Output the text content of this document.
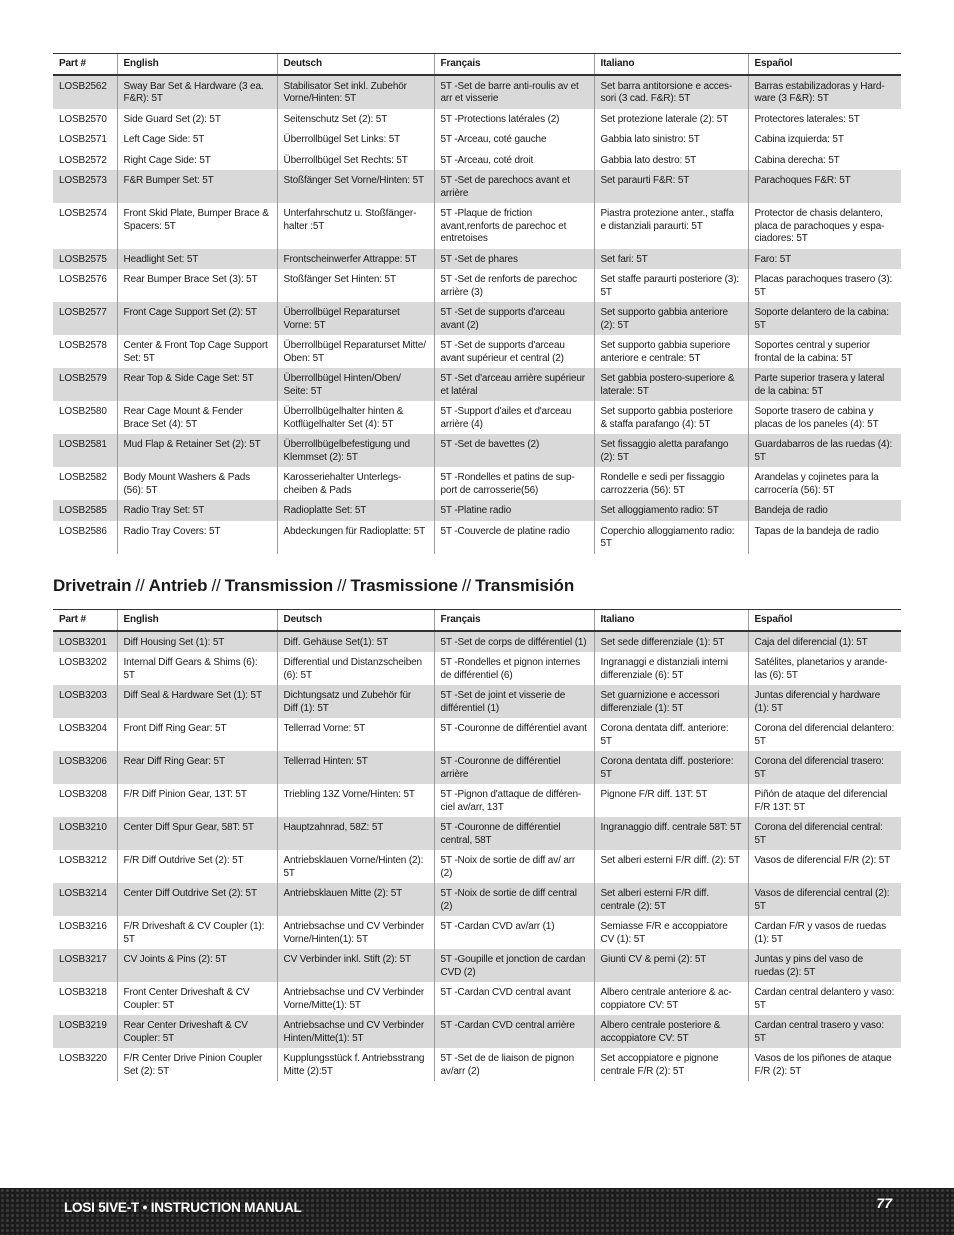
Part #	English	Deutsch	Français	Italiano	Español
LOSB2562	Sway Bar Set & Hardware (3 ea. F&R): 5T	Stabilisator Set inkl. Zubehör Vorne/Hinten: 5T	5T -Set de barre anti-roulis av et arr et visserie	Set barra antitorsione e acces- sori (3 cad. F&R): 5T	Barras estabilizadoras y Hard- ware (3 F&R): 5T
LOSB2570	Side Guard Set (2): 5T	Seitenschutz Set (2): 5T	5T -Protections latérales (2)	Set protezione laterale (2): 5T	Protectores laterales: 5T
LOSB2571	Left Cage Side: 5T	Überrollbügel Set Links: 5T	5T -Arceau, coté gauche	Gabbia lato sinistro: 5T	Cabina izquierda: 5T
LOSB2572	Right Cage Side: 5T	Überrollbügel Set Rechts: 5T	5T -Arceau, coté droit	Gabbia lato destro: 5T	Cabina derecha: 5T
LOSB2573	F&R Bumper Set: 5T	Stoßfänger Set Vorne/Hinten: 5T	5T -Set de parechocs avant et arrière	Set paraurti F&R: 5T	Parachoques F&R: 5T
LOSB2574	Front Skid Plate, Bumper Brace & Spacers: 5T	Unterfahrschutz u. Stoßfänger- halter :5T	5T -Plaque de friction avant,renforts de parechoc et entretoises	Piastra protezione anter., staffa e distanziali paraurti: 5T	Protector de chasis delantero, placa de parachoques y espa- ciadores: 5T
LOSB2575	Headlight Set: 5T	Frontscheinwerfer Attrappe: 5T	5T -Set de phares	Set fari: 5T	Faro: 5T
LOSB2576	Rear Bumper Brace Set (3): 5T	Stoßfänger Set Hinten: 5T	5T -Set de renforts de parechoc arrière (3)	Set staffe paraurti posteriore (3): 5T	Placas parachoques trasero (3): 5T
LOSB2577	Front Cage Support Set (2): 5T	Überrollbügel Reparaturset Vorne: 5T	5T -Set de supports d'arceau avant (2)	Set supporto gabbia anteriore (2): 5T	Soporte delantero de la cabina: 5T
LOSB2578	Center & Front Top Cage Support Set: 5T	Überrollbügel Reparaturset Mitte/ Oben: 5T	5T -Set de supports d'arceau avant supérieur et central (2)	Set supporto gabbia superiore anteriore e centrale: 5T	Soportes central y superior frontal de la cabina: 5T
LOSB2579	Rear Top & Side Cage Set: 5T	Überrollbügel Hinten/Oben/ Seite: 5T	5T -Set d'arceau arrière supérieur et latéral	Set gabbia postero-superiore & laterale: 5T	Parte superior trasera y lateral de la cabina: 5T
LOSB2580	Rear Cage Mount & Fender Brace Set (4): 5T	Überrollbügelhalter hinten & Kotflügelhalter Set (4): 5T	5T -Support d'ailes et d'arceau arrière (4)	Set supporto gabbia posteriore & staffa parafango (4): 5T	Soporte trasero de cabina y placas de los paneles (4): 5T
LOSB2581	Mud Flap & Retainer Set (2): 5T	Überrollbügelbefestigung und Klemmset (2): 5T	5T -Set de bavettes (2)	Set fissaggio aletta parafango (2): 5T	Guardabarros de las ruedas (4): 5T
LOSB2582	Body Mount Washers & Pads (56): 5T	Karosseriehalter Unterlegs- cheiben & Pads	5T -Rondelles et patins de sup- port de carrosserie(56)	Rondelle e sedi per fissaggio carrozzeria (56): 5T	Arandelas y cojinetes para la carrocería (56): 5T
LOSB2585	Radio Tray Set: 5T	Radioplatte Set: 5T	5T -Platine radio	Set alloggiamento radio: 5T	Bandeja de radio
LOSB2586	Radio Tray Covers: 5T	Abdeckungen für Radioplatte: 5T	5T -Couvercle de platine radio	Coperchio alloggiamento radio: 5T	Tapas de la bandeja de radio
Drivetrain // Antrieb // Transmission // Trasmissione // Transmisión
Part #	English	Deutsch	Français	Italiano	Español
LOSB3201	Diff Housing Set (1): 5T	Diff. Gehäuse Set(1): 5T	5T -Set de corps de différentiel (1)	Set sede differenziale (1): 5T	Caja del diferencial (1): 5T
LOSB3202	Internal Diff Gears & Shims (6): 5T	Differential und Distanzscheiben (6): 5T	5T -Rondelles et pignon internes de différentiel (6)	Ingranaggi e distanziali interni differenziale (6): 5T	Satélites, planetarios y arande- las (6): 5T
LOSB3203	Diff Seal & Hardware Set (1): 5T	Dichtungsatz und Zubehör für Diff (1): 5T	5T -Set de joint et visserie de différentiel (1)	Set guarnizione e accessori differenziale (1): 5T	Juntas diferencial y hardware (1): 5T
LOSB3204	Front Diff Ring Gear: 5T	Tellerrad Vorne: 5T	5T -Couronne de différentiel avant	Corona dentata diff. anteriore: 5T	Corona del diferencial delantero: 5T
LOSB3206	Rear Diff Ring Gear: 5T	Tellerrad Hinten: 5T	5T -Couronne de différentiel arrière	Corona dentata diff. posteriore: 5T	Corona del diferencial trasero: 5T
LOSB3208	F/R Diff Pinion Gear, 13T: 5T	Triebling 13Z Vorne/Hinten: 5T	5T -Pignon d'attaque de différen- ciel av/arr, 13T	Pignone F/R diff. 13T: 5T	Piñón de ataque del diferencial F/R 13T: 5T
LOSB3210	Center Diff Spur Gear, 58T: 5T	Hauptzahnrad, 58Z: 5T	5T -Couronne de différentiel central, 58T	Ingranaggio diff. centrale 58T: 5T	Corona del diferencial central: 5T
LOSB3212	F/R Diff Outdrive Set (2): 5T	Antriebsklauen Vorne/Hinten (2): 5T	5T -Noix de sortie de diff av/ arr (2)	Set alberi esterni F/R diff. (2): 5T	Vasos de diferencial F/R (2): 5T
LOSB3214	Center Diff Outdrive Set (2): 5T	Antriebsklauen Mitte (2): 5T	5T -Noix de sortie de diff central (2)	Set alberi esterni F/R diff. centrale (2): 5T	Vasos de diferencial central (2): 5T
LOSB3216	F/R Driveshaft & CV Coupler (1): 5T	Antriebsachse und CV Verbinder Vorne/Hinten(1): 5T	5T -Cardan CVD av/arr (1)	Semiasse F/R e accoppiatore CV (1): 5T	Cardan F/R y vasos de ruedas (1): 5T
LOSB3217	CV Joints & Pins (2): 5T	CV Verbinder inkl. Stift (2): 5T	5T -Goupille et jonction de cardan CVD (2)	Giunti CV & perni (2): 5T	Juntas y pins del vaso de ruedas (2): 5T
LOSB3218	Front Center Driveshaft & CV Coupler: 5T	Antriebsachse und CV Verbinder Vorne/Mitte(1): 5T	5T -Cardan CVD central avant	Albero centrale anteriore & ac- coppiatore CV: 5T	Cardan central delantero y vaso: 5T
LOSB3219	Rear Center Driveshaft & CV Coupler: 5T	Antriebsachse und CV Verbinder Hinten/Mitte(1): 5T	5T -Cardan CVD central arrière	Albero centrale posteriore & accoppiatore CV: 5T	Cardan central trasero y vaso: 5T
LOSB3220	F/R Center Drive Pinion Coupler Set (2): 5T	Kupplungsstück f. Antriebsstrang Mitte (2):5T	5T -Set de de liaison de pignon av/arr (2)	Set accoppiatore e pignone centrale F/R (2): 5T	Vasos de los piñones de ataque F/R (2): 5T
LOSI 5IVE-T • INSTRUCTION MANUAL	77
